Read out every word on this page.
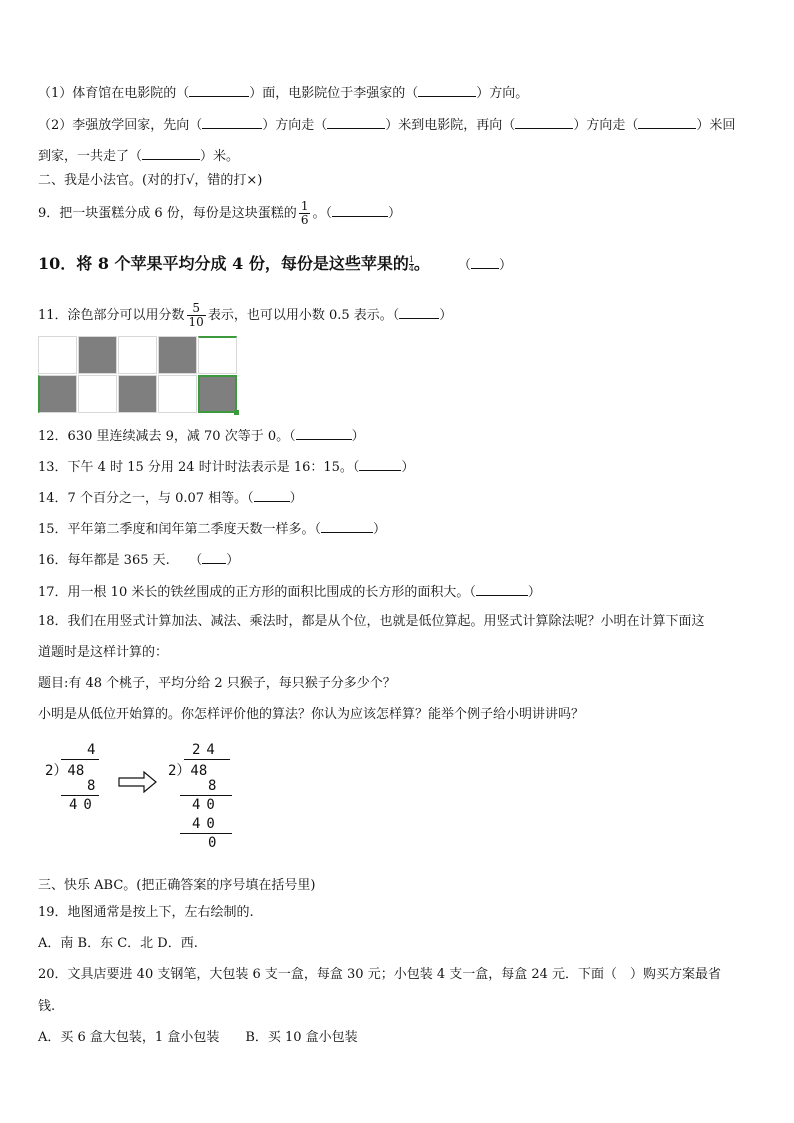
（1）体育馆在电影院的（	）面，电影院位于李强家的（	）方向。
（2）李强放学回家，先向（	）方向走（	）米到电影院，再向（	）方向走（	）米回
到家，一共走了（	）米。
二、我是小法官。(对的打√，错的打×)
9．把一块蛋糕分成 6 份，每份是这块蛋糕的 $\frac{1}{6}$ 。（	）
10．将 8 个苹果平均分成 4 份，每份是这些苹果的 $\frac{1}{4}$ 。 （ ）
11．涂色部分可以用分数 $\frac{5}{10}$ 表示，也可以用小数 0.5 表示。（	）
12．630 里连续减去 9，减 70 次等于 0。（	）
13．下午 4 时 15 分用 24 时计时法表示是 16：15。（	）
14．7 个百分之一，与 0.07 相等。（	）
15．平年第二季度和闰年第二季度天数一样多。（	）
16．每年都是 365 天.　　（ ）
17．用一根 10 米长的铁丝围成的正方形的面积比围成的长方形的面积大。（	）
18．我们在用竖式计算加法、减法、乘法时，都是从个位，也就是低位算起。用竖式计算除法呢？小明在计算下面这
道题时是这样计算的：
题目:有 48 个桃子，平均分给 2 只猴子，每只猴子分多少个？
小明是从低位开始算的。你怎样评价他的算法？你认为应该怎样算？能举个例子给小明讲讲吗？
4
2）48
8
40
24
2）48
8
40
40
0
三、快乐 ABC。(把正确答案的序号填在括号里)
19．地图通常是按上下，左右绘制的.
A．南 B．东 C．北 D．西.
20．文具店要进 40 支钢笔，大包装 6 支一盒，每盒 30 元；小包装 4 支一盒，每盒 24 元．下面（　）购买方案最省
钱.
A．买 6 盒大包装，1 盒小包装　　B．买 10 盒小包装
